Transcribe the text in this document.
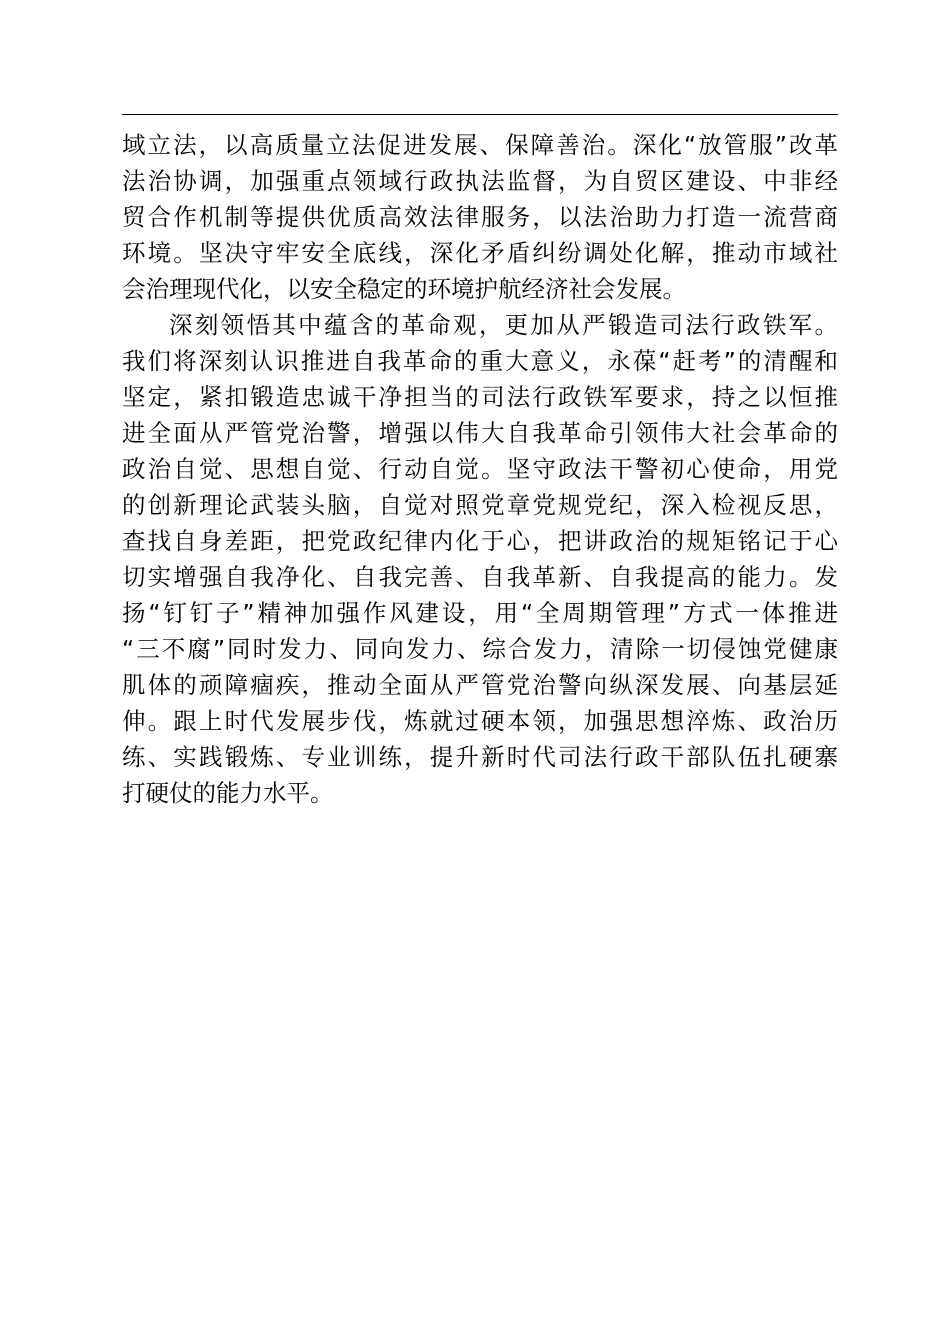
域立法，以高质量立法促进发展、保障善治。深化“放管服”改革
法治协调，加强重点领域行政执法监督，为自贸区建设、中非经
贸合作机制等提供优质高效法律服务，以法治助力打造一流营商
环境。坚决守牢安全底线，深化矛盾纠纷调处化解，推动市域社
会治理现代化，以安全稳定的环境护航经济社会发展。
深刻领悟其中蕴含的革命观，更加从严锻造司法行政铁军。
我们将深刻认识推进自我革命的重大意义，永葆“赶考”的清醒和
坚定，紧扣锻造忠诚干净担当的司法行政铁军要求，持之以恒推
进全面从严管党治警，增强以伟大自我革命引领伟大社会革命的
政治自觉、思想自觉、行动自觉。坚守政法干警初心使命，用党
的创新理论武装头脑，自觉对照党章党规党纪，深入检视反思，
查找自身差距，把党政纪律内化于心，把讲政治的规矩铭记于心
切实增强自我净化、自我完善、自我革新、自我提高的能力。发
扬“钉钉子”精神加强作风建设，用“全周期管理”方式一体推进
“三不腐”同时发力、同向发力、综合发力，清除一切侵蚀党健康
肌体的顽障痼疾，推动全面从严管党治警向纵深发展、向基层延
伸。跟上时代发展步伐，炼就过硬本领，加强思想淬炼、政治历
练、实践锻炼、专业训练，提升新时代司法行政干部队伍扎硬寨
打硬仗的能力水平。
